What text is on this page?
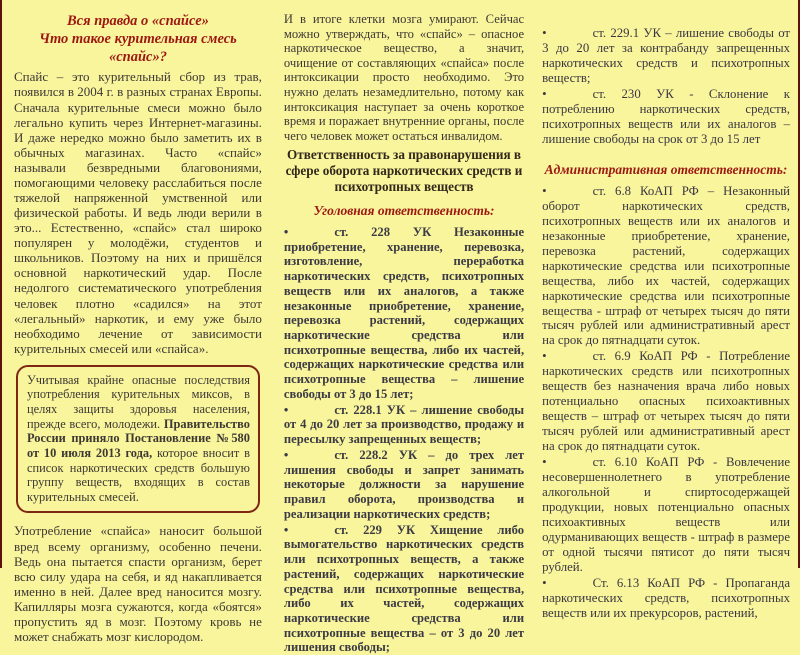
Вся правда о «спайсе»
Что такое курительная смесь «спайс»?

Спайс – это курительный сбор из трав, появился в 2004 г. в разных странах Европы. Сначала курительные смеси можно было легально купить через Интернет-магазины. И даже нередко можно было заметить их в обычных магазинах. Часто «спайс» называли безвредными благовониями, помогающими человеку расслабиться после тяжелой напряженной умственной или физической работы. И ведь люди верили в это... Естественно, «спайс» стал широко популярен у молодёжи, студентов и школьников. Поэтому на них и пришёлся основной наркотический удар. После недолгого систематического употребления человек плотно «садился» на этот «легальный» наркотик, и ему уже было необходимо лечение от зависимости курительных смесей или «спайса».

Учитывая крайне опасные последствия употребления курительных миксов, в целях защиты здоровья населения, прежде всего, молодежи. Правительство России приняло Постановление №580 от 10 июля 2013 года, которое вносит в список наркотических средств большую группу веществ, входящих в состав курительных смесей.

Употребление «спайса» наносит большой вред всему организму, особенно печени. Ведь она пытается спасти организм, берет всю силу удара на себя, и яд накапливается именно в ней. Далее вред наносится мозгу. Капилляры мозга сужаются, когда «боятся» пропустить яд в мозг. Поэтому кровь не может снабжать мозг кислородом.

И в итоге клетки мозга умирают. Сейчас можно утверждать, что «спайс» – опасное наркотическое вещество, а значит, очищение от составляющих «спайса» после интоксикации просто необходимо. Это нужно делать незамедлительно, потому как интоксикация наступает за очень короткое время и поражает внутренние органы, после чего человек может остаться инвалидом.

Ответственность за правонарушения в сфере оборота наркотических средств и психотропных веществ
Уголовная ответственность:
•	ст. 228 УК Незаконные приобретение, хранение, перевозка, изготовление, переработка наркотических средств, психотропных веществ или их аналогов, а также незаконные приобретение, хранение, перевозка растений, содержащих наркотические средства или психотропные вещества, либо их частей, содержащих наркотические средства или психотропные вещества – лишение свободы от 3 до 15 лет;
•	ст. 228.1 УК – лишение свободы от 4 до 20 лет за производство, продажу и пересылку запрещенных веществ;
•	ст. 228.2 УК – до трех лет лишения свободы и запрет занимать некоторые должности за нарушение правил оборота, производства и реализации наркотических средств;
•	ст. 229 УК Хищение либо вымогательство наркотических средств или психотропных веществ, а также растений, содержащих наркотические средства или психотропные вещества, либо их частей, содержащих наркотические средства или психотропные вещества – от 3 до 20 лет лишения свободы;
•	ст. 229.1 УК – лишение свободы от 3 до 20 лет за контрабанду запрещенных наркотических средств и психотропных веществ;
•	ст. 230 УК - Склонение к потреблению наркотических средств, психотропных веществ или их аналогов – лишение свободы на срок от 3 до 15 лет
Административная ответственность:
•	ст. 6.8 КоАП РФ – Незаконный оборот наркотических средств, психотропных веществ или их аналогов и незаконные приобретение, хранение, перевозка растений, содержащих наркотические средства или психотропные вещества, либо их частей, содержащих наркотические средства или психотропные вещества - штраф от четырех тысяч до пяти тысяч рублей или административный арест на срок до пятнадцати суток.
•	ст. 6.9 КоАП РФ - Потребление наркотических средств или психотропных веществ без назначения врача либо новых потенциально опасных психоактивных веществ – штраф от четырех тысяч до пяти тысяч рублей или административный арест на срок до пятнадцати суток.
•	ст. 6.10 КоАП РФ - Вовлечение несовершеннолетнего в употребление алкогольной и спиртосодержащей продукции, новых потенциально опасных психоактивных веществ или одурманивающих веществ - штраф в размере от одной тысячи пятисот до пяти тысяч рублей.
•	Ст. 6.13 КоАП РФ - Пропаганда наркотических средств, психотропных веществ или их прекурсоров, растений,
